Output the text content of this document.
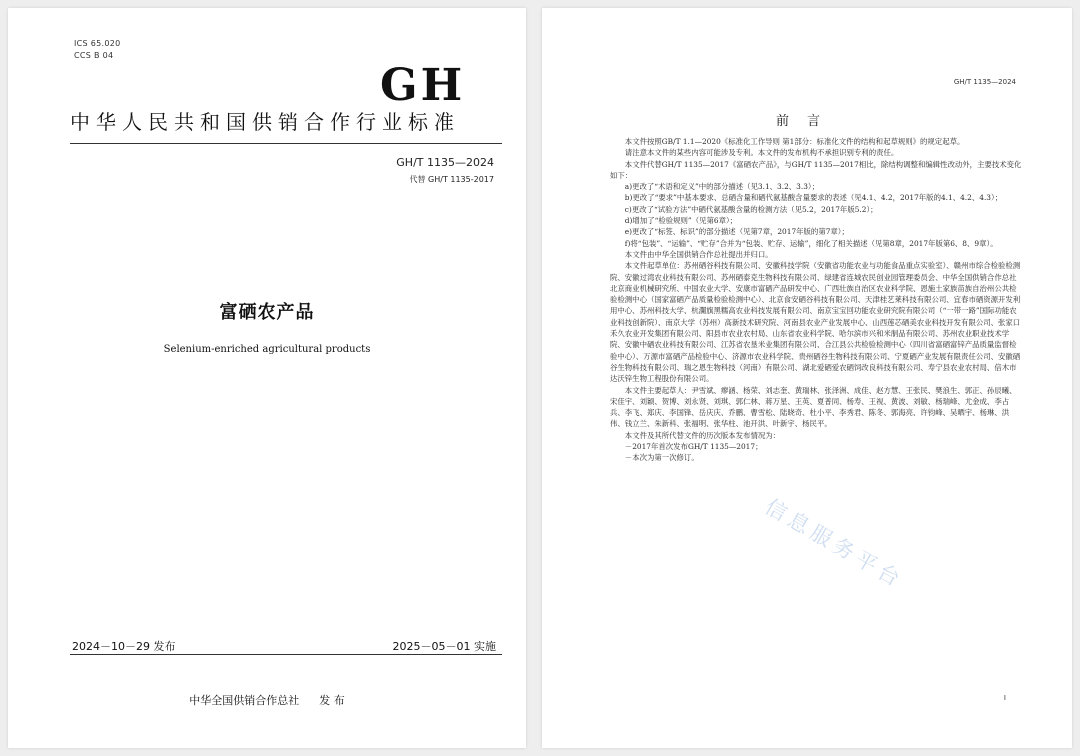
ICS 65.020
CCS B 04
GH
中华人民共和国供销合作行业标准
GH/T 1135—2024
代替 GH/T 1135-2017
富硒农产品
Selenium-enriched agricultural products
2024－10－29 发布	2025－05－01 实施
中华全国供销合作总社 发 布
GH/T 1135—2024
前言

本文件按照GB/T 1.1—2020《标准化工作导则 第1部分：标准化文件的结构和起草规则》的规定起草。

请注意本文件的某些内容可能涉及专利。本文件的发布机构不承担识别专利的责任。

本文件代替GH/T 1135—2017《富硒农产品》，与GH/T 1135—2017相比，除结构调整和编辑性改动外，主要技术变化如下：

a)更改了“术语和定义”中的部分描述（见3.1、3.2、3.3）；

b)更改了“要求”中基本要求、总硒含量和硒代氨基酸含量要求的表述（见4.1、4.2，2017年版的4.1、4.2、4.3）；

c)更改了“试验方法”中硒代氨基酸含量的检测方法（见5.2，2017年版5.2）；

d)增加了“检验规则”（见第6章）；

e)更改了“标签、标识”的部分描述（见第7章，2017年版的第7章）；

f)将“包装”、“运输”、“贮存”合并为“包装、贮存、运输”，细化了相关描述（见第8章，2017年版第6、8、9章）。

本文件由中华全国供销合作总社提出并归口。

本文件起草单位：苏州硒谷科技有限公司、安徽科技学院（安徽省功能农业与功能食品重点实验室）、赣州市综合检验检测院、安徽过湾农业科技有限公司、苏州硒泰克生物科技有限公司、绿建省连城农民创业园管理委员会、中华全国供销合作总社北京商业机械研究所、中国农业大学、安康市富硒产品研发中心、广西壮族自治区农业科学院、恩施土家族苗族自治州公共检验检测中心（国家富硒产品质量检验检测中心）、北京食安硒谷科技有限公司、天津桂艺莱科技有限公司、宜春市硒资源开发利用中心、苏州科技大学、杭瀾旗黑糯高农业科技发展有限公司、南京宝宝回功能农业研究院有限公司（“一带一路”国际功能农业科技创新院）、南京大学（苏州）高新技术研究院、河南县农业产业发展中心、山西莲芯硒美农业科技开发有限公司、张家口禾久农业开发集团有限公司、阳县市农业农村局、山东省农业科学院、哈尔滨市兴和米制品有限公司、苏州农业职业技术学院、安徽中硒农业科技有限公司、江苏省农垦米业集团有限公司、合江县公共检验检测中心（四川省富硒富锌产品质量监督检验中心）、万源市富硒产品检验中心、济源市农业科学院、贵州硒谷生物科技有限公司、宁夏硒产业发展有限责任公司、安徽硒谷生物科技有限公司、瑞之恩生物科技（河南）有限公司、湖北爱硒爱农硒饲改良科技有限公司、寿宁县农业农村局、倍木市达沃锌生物工程股份有限公司。

本文件主要起草人：尹雪斌、瘳涵、杨荣、刘志奎、黄瑞林、张泽洲、成佳、赵方慧、王张民、樊浪生、郭正、孙辰曦、宋佳宇、刘颖、贺博、刘永贤、刘琪、郭仁林、蒋万星、王英、夏普同、杨寿、王视、黄波、刘敏、杨瑞峰、尤金成、李占兵、李飞、郑庆、李国锋、岳庆庆、乔鹏、曹雪松、陆晓奇、杜小平、李秀君、陈冬、郭海亮、许钧峰、吴晒宇、杨琳、洪伟、钱立兰、朱新科、张福明、张华柱、池开洪、叶新宇、杨民平。

本文件及其所代替文件的历次版本发布情况为：

－2017年首次发布GH/T 1135—2017；

－本次为第一次修订。

信息服务平台
I
